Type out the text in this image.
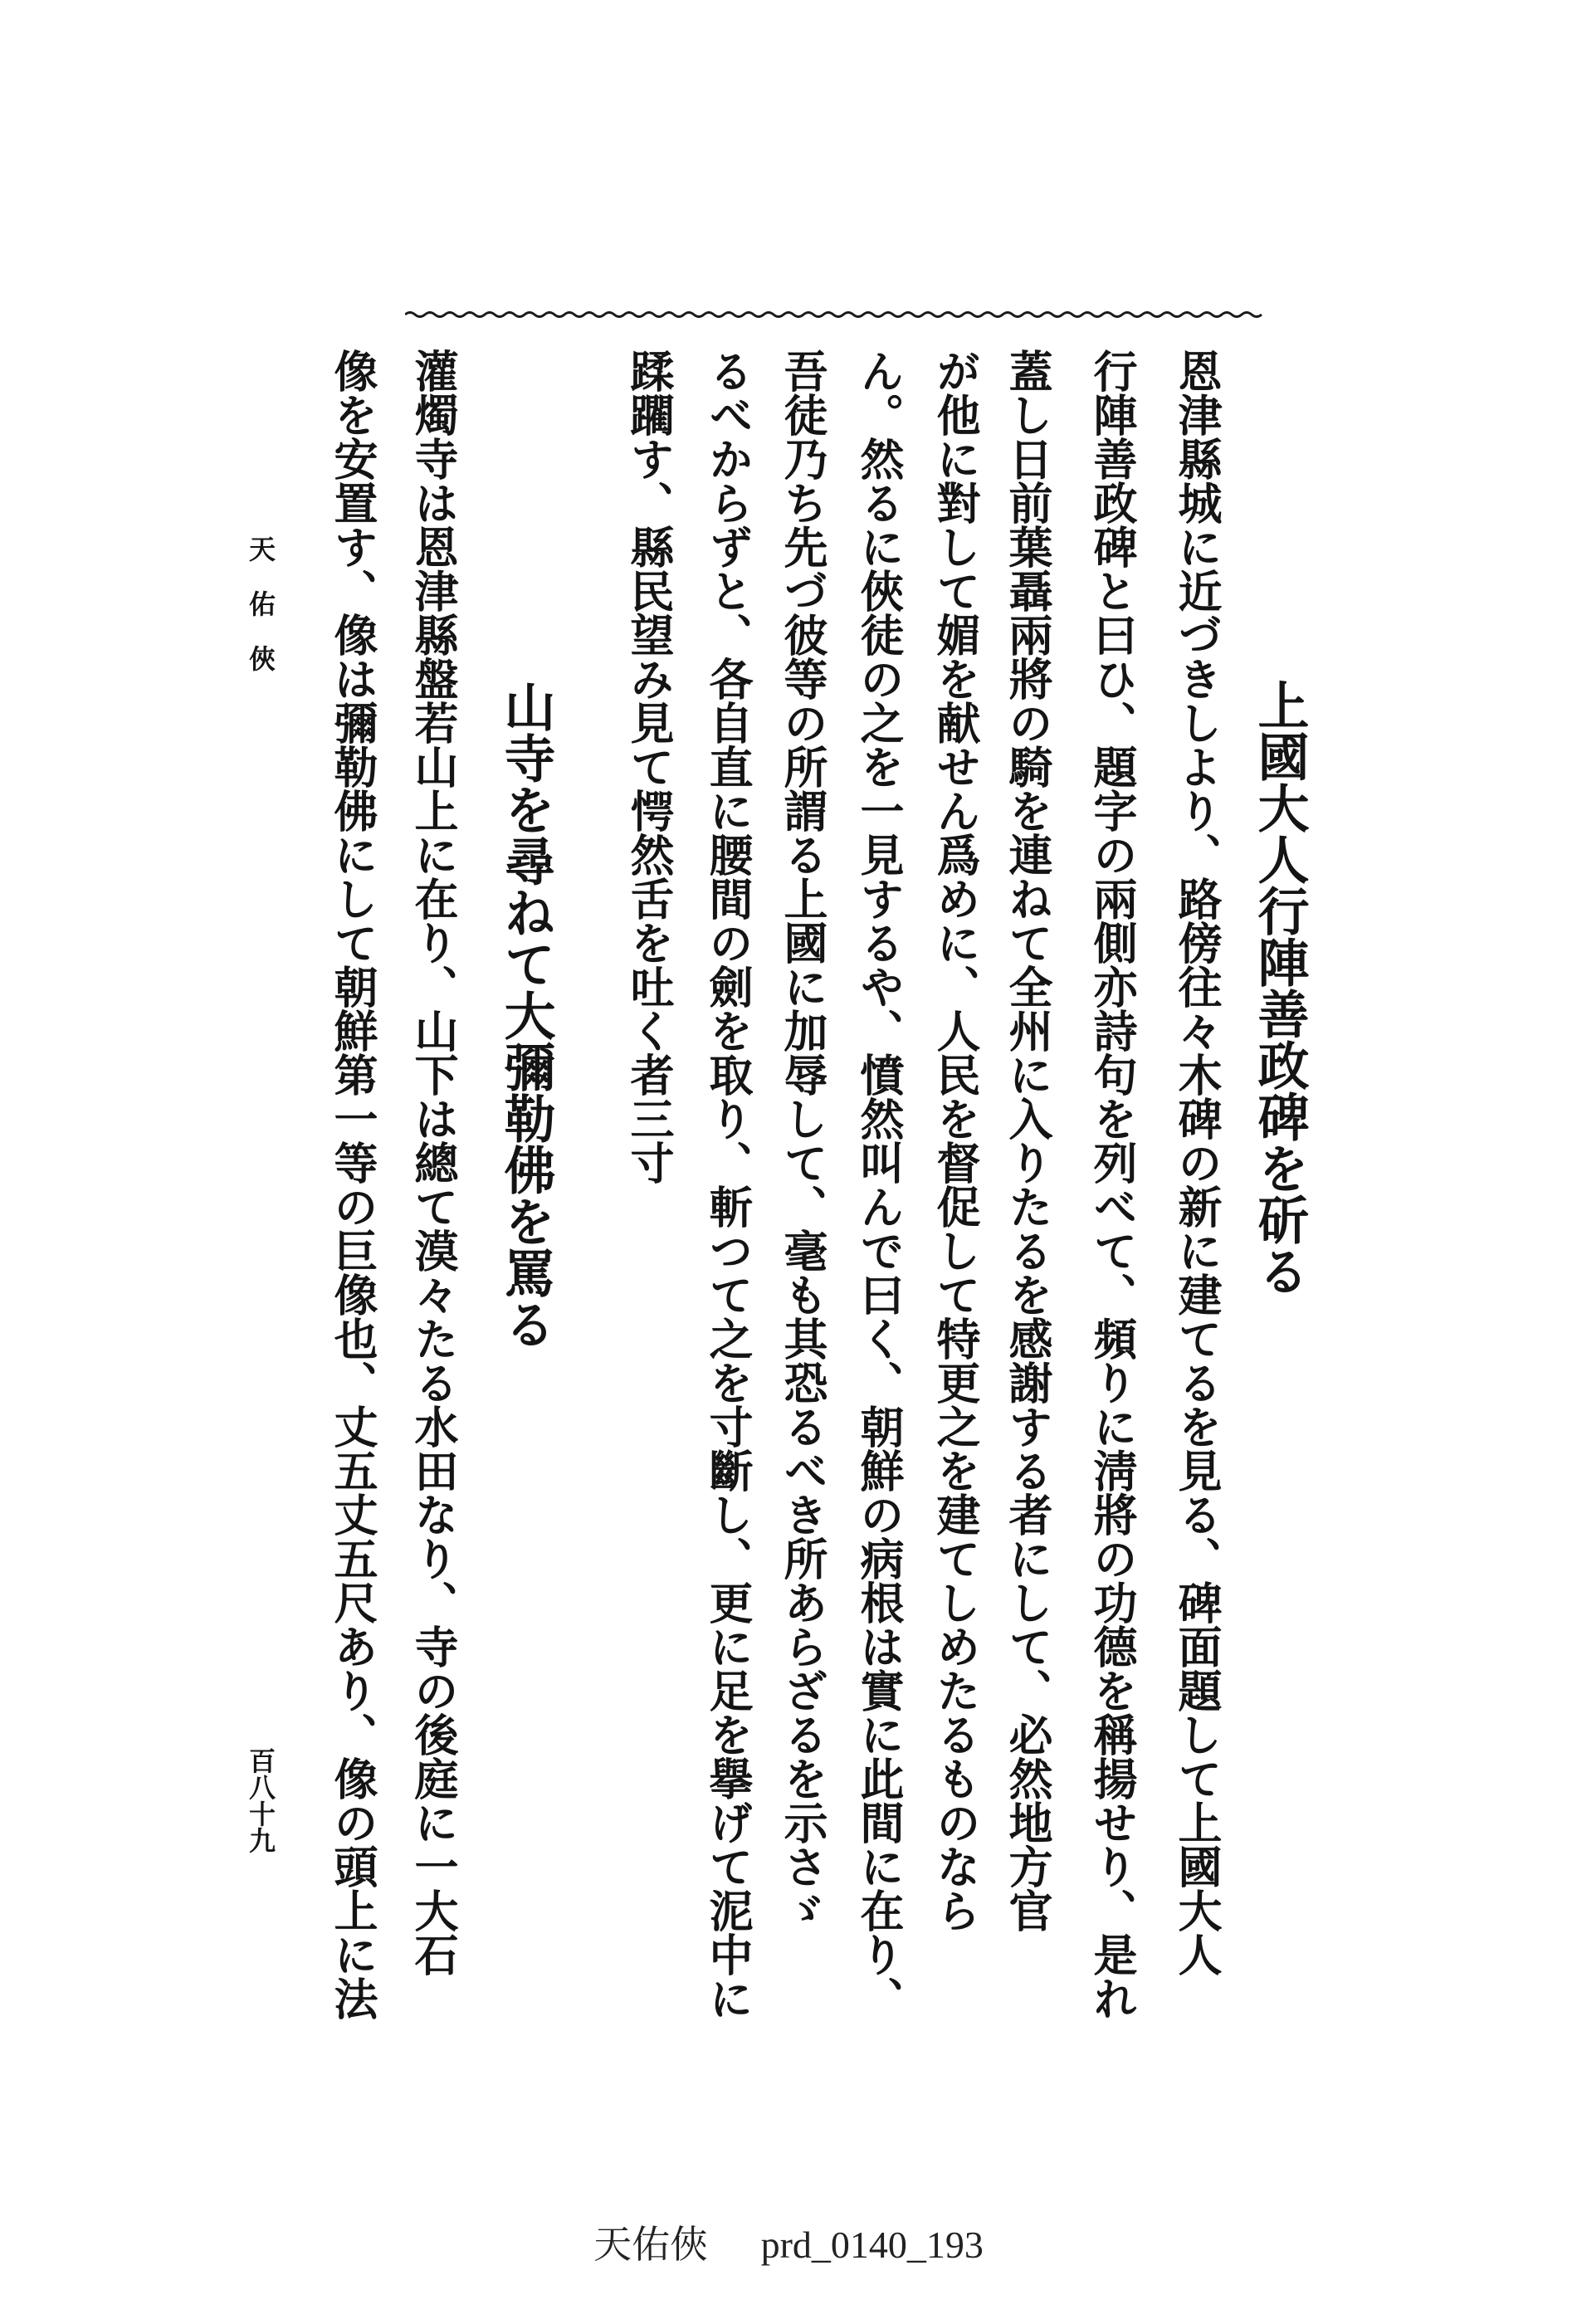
上國大人行陣善政碑を斫る
恩津縣城に近づきしより、路傍往々木碑の新に建てるを見る、碑面題して上國大人
行陣善政碑と曰ひ、題字の兩側亦詩句を列べて、頻りに淸將の功德を稱揚せり、是れ
蓋し日前葉聶兩將の騎を連ねて全州に入りたるを感謝する者にして、必然地方官
が他に對して媚を献せん爲めに、人民を督促して特更之を建てしめたるものなら
ん。然るに俠徒の之を一見するや、憤然叫んで曰く、朝鮮の病根は實に此間に在り、
吾徒乃ち先づ彼等の所謂る上國に加辱して、毫も其恐るべき所あらざるを示さゞ
るべからずと、各自直に腰間の劍を取り、斬つて之を寸斷し、更に足を擧げて泥中に
蹂躙す、縣民望み見て愕然舌を吐く者三寸
山寺を尋ねて大彌勒佛を罵る
灌燭寺は恩津縣盤若山上に在り、山下は總て漠々たる水田なり、寺の後庭に一大石
像を安置す、像は彌勒佛にして朝鮮第一等の巨像也、丈五丈五尺あり、像の頭上に法
天佑俠
百八十九
天佑俠 prd_0140_193
